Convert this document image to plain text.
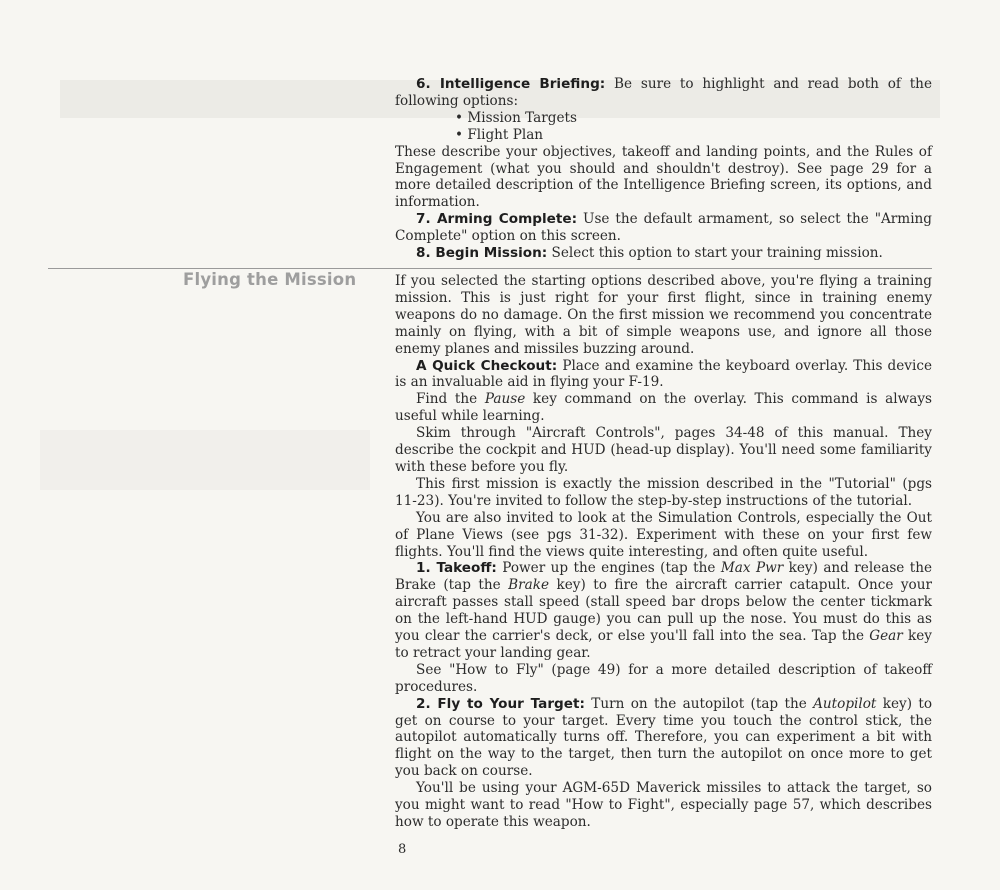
6. Intelligence Briefing: Be sure to highlight and read both of the following options:

• Mission Targets

• Flight Plan

These describe your objectives, takeoff and landing points, and the Rules of Engagement (what you should and shouldn't destroy). See page 29 for a more detailed description of the Intelligence Briefing screen, its options, and information.

7. Arming Complete: Use the default armament, so select the "Arming Complete" option on this screen.

8. Begin Mission: Select this option to start your training mission.

Flying the Mission	If you selected the starting options described above, you're flying a training mission. This is just right for your first flight, since in training enemy weapons do no damage. On the first mission we recommend you concentrate mainly on flying, with a bit of simple weapons use, and ignore all those enemy planes and missiles buzzing around.

A Quick Checkout: Place and examine the keyboard overlay. This device is an invaluable aid in flying your F-19.

Find the Pause key command on the overlay. This command is always useful while learning.

Skim through "Aircraft Controls", pages 34-48 of this manual. They describe the cockpit and HUD (head-up display). You'll need some familiarity with these before you fly.

This first mission is exactly the mission described in the "Tutorial" (pgs 11-23). You're invited to follow the step-by-step instructions of the tutorial.

You are also invited to look at the Simulation Controls, especially the Out of Plane Views (see pgs 31-32). Experiment with these on your first few flights. You'll find the views quite interesting, and often quite useful.

1. Takeoff: Power up the engines (tap the Max Pwr key) and release the Brake (tap the Brake key) to fire the aircraft carrier catapult. Once your aircraft passes stall speed (stall speed bar drops below the center tickmark on the left-hand HUD gauge) you can pull up the nose. You must do this as you clear the carrier's deck, or else you'll fall into the sea. Tap the Gear key to retract your landing gear.

See "How to Fly" (page 49) for a more detailed description of takeoff procedures.

2. Fly to Your Target: Turn on the autopilot (tap the Autopilot key) to get on course to your target. Every time you touch the control stick, the autopilot automatically turns off. Therefore, you can experiment a bit with flight on the way to the target, then turn the autopilot on once more to get you back on course.

You'll be using your AGM-65D Maverick missiles to attack the target, so you might want to read "How to Fight", especially page 57, which describes how to operate this weapon.

8
